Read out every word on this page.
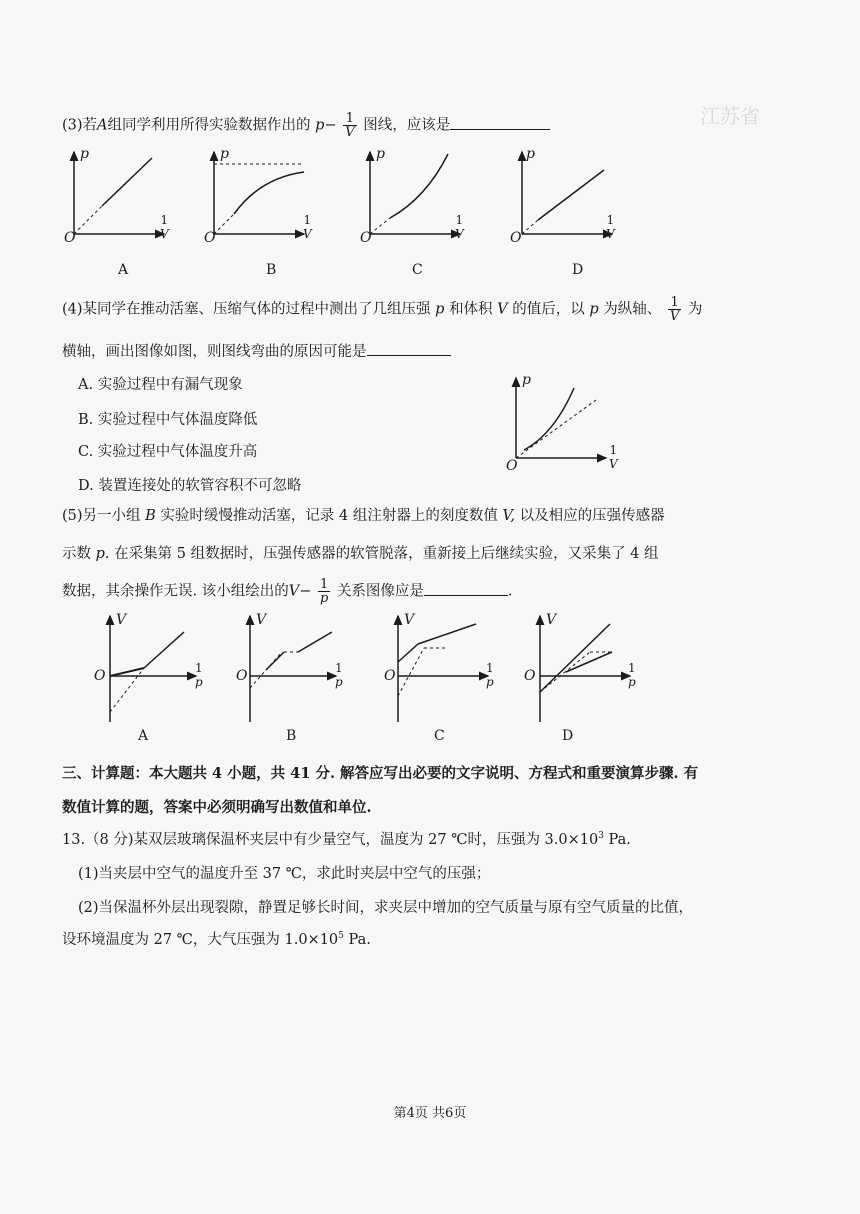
江苏省
(3)若A组同学利用所得实验数据作出的 $p- \frac{1}{V}$ 图线，应该是
p
O
1
V
p
O
1
V
p
O
1
V
p
O
1
V
A	B	C	D
(4)某同学在推动活塞、压缩气体的过程中测出了几组压强 p 和体积 V 的值后，以 p 为纵轴、 $\frac{1}{V}$ 为
横轴，画出图像如图，则图线弯曲的原因可能是
A. 实验过程中有漏气现象
B. 实验过程中气体温度降低
C. 实验过程中气体温度升高
D. 装置连接处的软管容积不可忽略
p
O
1
V
(5)另一小组 B 实验时缓慢推动活塞，记录 4 组注射器上的刻度数值 V, 以及相应的压强传感器
示数 p. 在采集第 5 组数据时，压强传感器的软管脱落，重新接上后继续实验，又采集了 4 组
数据，其余操作无误. 该小组绘出的$V- \frac{1}{p}$ 关系图像应是	.
V
O	1
p
V
O	1
p
V
O	1
p
V
O	1
p
A	B	C	D
三、计算题：本大题共 4 小题，共 41 分. 解答应写出必要的文字说明、方程式和重要演算步骤. 有
数值计算的题，答案中必须明确写出数值和单位.
13.（8 分)某双层玻璃保温杯夹层中有少量空气，温度为 27 ℃时，压强为 $3.0\times 10^3$ Pa.
(1)当夹层中空气的温度升至 37 ℃，求此时夹层中空气的压强；
(2)当保温杯外层出现裂隙，静置足够长时间，求夹层中增加的空气质量与原有空气质量的比值，
设环境温度为 27 ℃，大气压强为 $1.0\times 10^5$ Pa.
第4页 共6页
